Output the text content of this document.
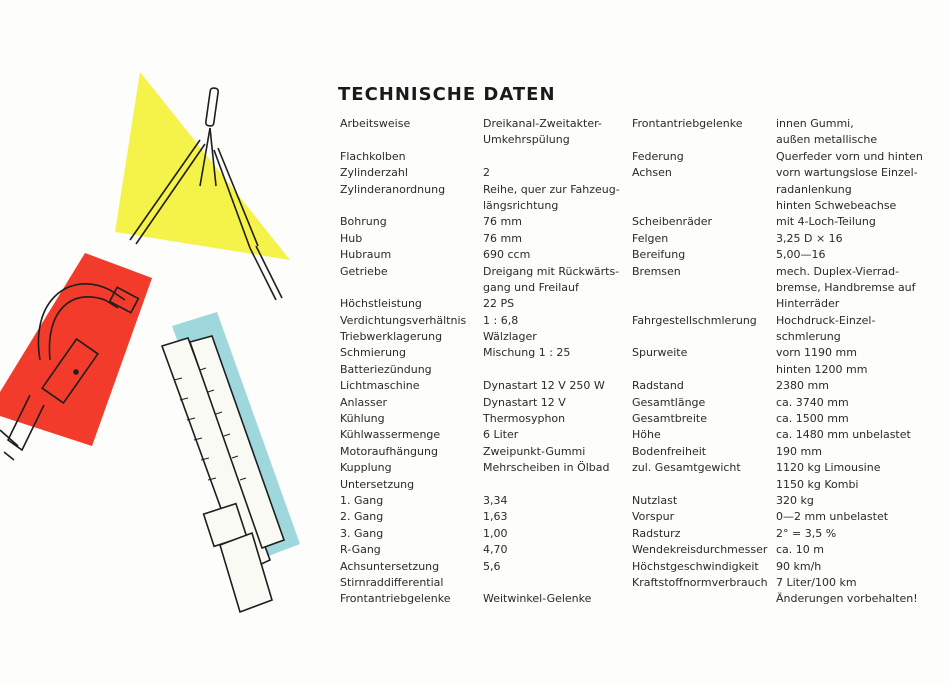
TECHNISCHE DATEN
Arbeitsweise
Flachkolben
Zylinderzahl
Zylinderanordnung
Bohrung
Hub
Hubraum
Getriebe
Höchstleistung
Verdichtungsverhältnis
Triebwerklagerung
Schmierung
Batteriezündung
Lichtmaschine
Anlasser
Kühlung
Kühlwassermenge
Motoraufhängung
Kupplung
Untersetzung
1. Gang
2. Gang
3. Gang
R-Gang
Achsuntersetzung
Stirnraddifferential
Frontantriebgelenke
Dreikanal-Zweitakter-
Umkehrspülung
2
Reihe, quer zur Fahzeug-
längsrichtung
76 mm
76 mm
690 ccm
Dreigang mit Rückwärts-
gang und Freilauf
22 PS
1 : 6,8
Wälzlager
Mischung 1 : 25
Dynastart 12 V 250 W
Dynastart 12 V
Thermosyphon
6 Liter
Zweipunkt-Gummi
Mehrscheiben in Ölbad
3,34
1,63
1,00
4,70
5,6
Weitwinkel-Gelenke
Frontantriebgelenke
Federung
Achsen
Scheibenräder
Felgen
Bereifung
Bremsen
Fahrgestellschmlerung
Spurweite
Radstand
Gesamtlänge
Gesamtbreite
Höhe
Bodenfreiheit
zul. Gesamtgewicht
Nutzlast
Vorspur
Radsturz
Wendekreisdurchmesser
Höchstgeschwindigkeit
Kraftstoffnormverbrauch
innen Gummi,
außen metallische
Querfeder vorn und hinten
vorn wartungslose Einzel-
radanlenkung
hinten Schwebeachse
mit 4-Loch-Teilung
3,25 D × 16
5,00—16
mech. Duplex-Vierrad-
bremse, Handbremse auf
Hinterräder
Hochdruck-Einzel-
schmlerung
vorn 1190 mm
hinten 1200 mm
2380 mm
ca. 3740 mm
ca. 1500 mm
ca. 1480 mm unbelastet
190 mm
1120 kg Limousine
1150 kg Kombi
320 kg
0—2 mm unbelastet
2° = 3,5 %
ca. 10 m
90 km/h
7 Liter/100 km
Änderungen vorbehalten!
